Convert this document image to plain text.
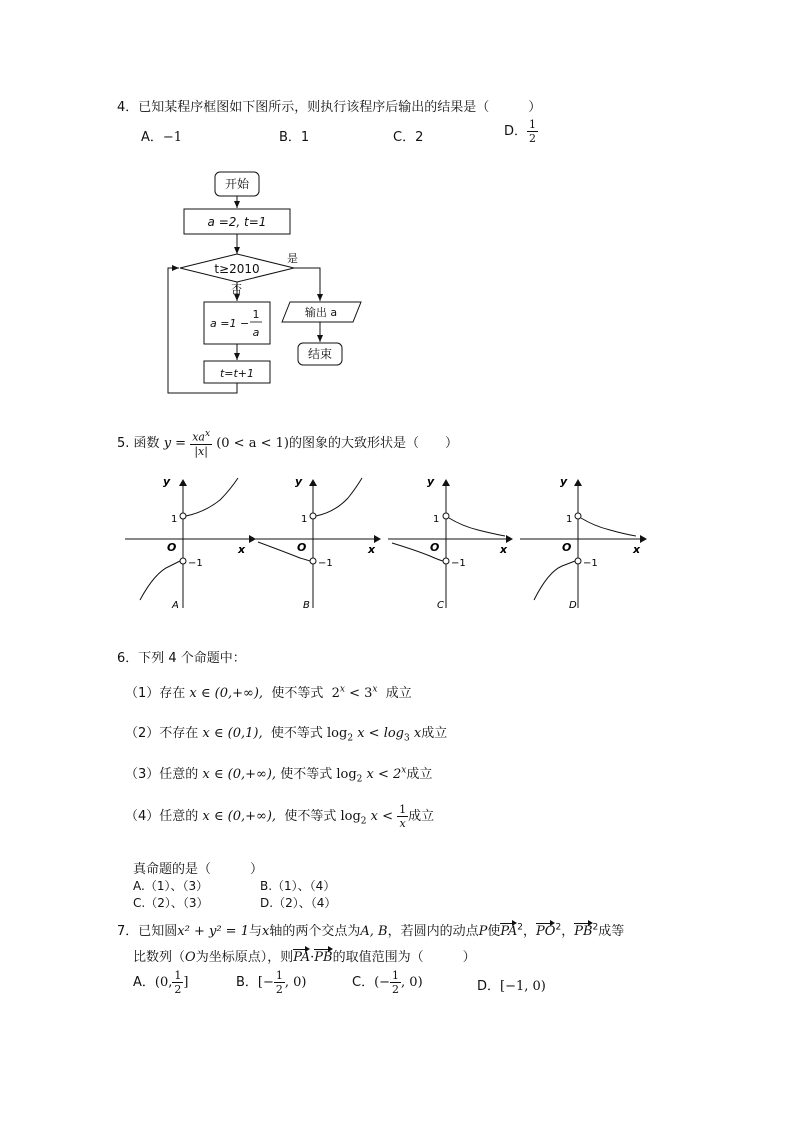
4．已知某程序框图如下图所示，则执行该程序后输出的结果是（　　　）
A．−1	B．1	C．2	D． $\frac{1}{2}$
开始
a =2, t=1
t≥2010
是
否
a =1 −
1
a
t=t+1
输出 a
结束
5. 函数 $y = \frac{xa^x}{|x|} (0 < a < 1)$的图象的大致形状是（　　）
y
x
O
1
−1
A
y
x
O
1
−1
B
y
x
O
1
−1
C
y
x
O
1
−1
D
6．下列 4 个命题中：
（1）存在 x ∈ (0,+∞), 使不等式 $2^x < 3^x$ 成立
（2）不存在 x ∈ (0,1), 使不等式 $\log_2 x < \log_3 x$成立
（3）任意的 x ∈ (0,+∞), 使不等式 $\log_2 x < 2^x$成立
（4）任意的 x ∈ (0,+∞), 使不等式 $\log_2 x < \frac{1}{x}$ 成立
真命题的是（　　　）
A.（1）、（3）	B.（1）、（4）
C.（2）、（3）	D.（2）、（4）
7．已知圆x² + y² = 1与x轴的两个交点为A, B，若圆内的动点P使$PA^2$，$PO^2$，$PB^2$成等
比数列（O为坐标原点），则PA·PB的取值范围为（　　　）
A．(0, $\frac{1}{2}$ ]	B．[− $\frac{1}{2}$ , 0)	C．(− $\frac{1}{2}$ , 0)	D．[−1, 0)
